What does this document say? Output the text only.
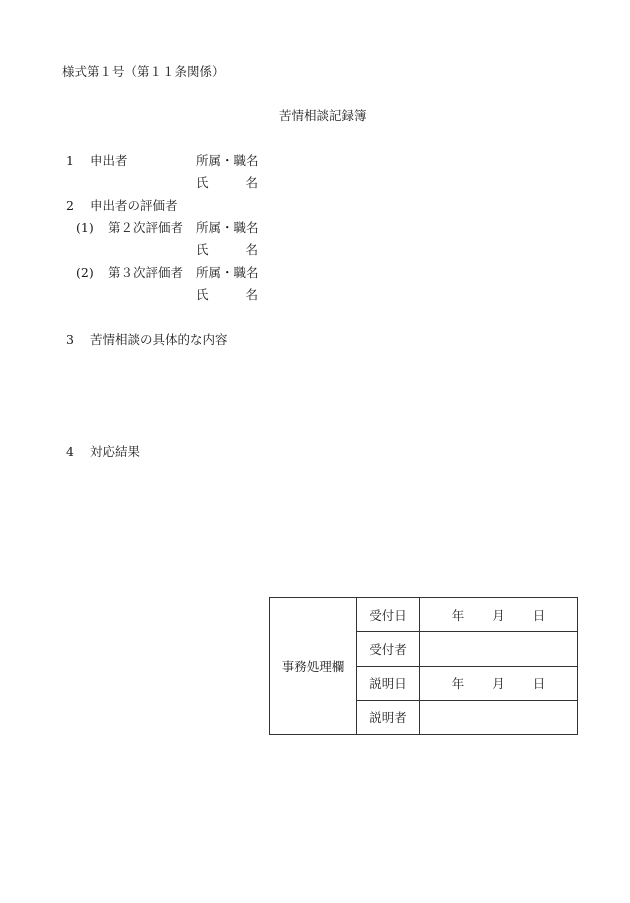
様式第１号（第１１条関係）
苦情相談記録簿
1 申出者	所属・職名
氏	名
2 申出者の評価者
(1) 第２次評価者 所属・職名
氏	名
(2) 第３次評価者 所属・職名
氏	名
3 苦情相談の具体的な内容
4 対応結果
事務処理欄	受付日	年 月 日

	受付者	
	説明日	年 月 日

	説明者	
